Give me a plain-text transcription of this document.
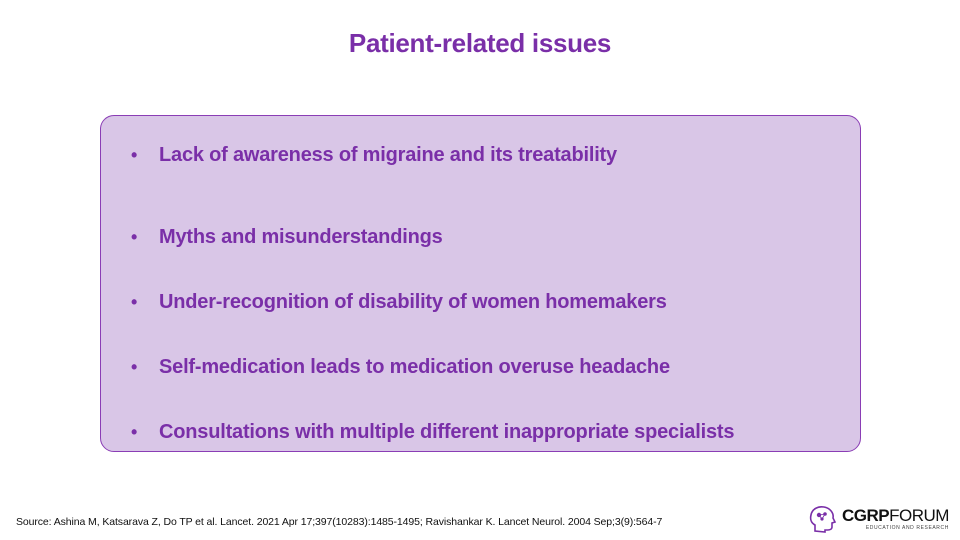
Patient-related issues
•	Lack of awareness of migraine and its treatability
•	Myths and misunderstandings
•	Under-recognition of disability of women homemakers
•	Self-medication leads to medication overuse headache
•	Consultations with multiple different inappropriate specialists
Source: Ashina M, Katsarava Z, Do TP et al. Lancet. 2021 Apr 17;397(10283):1485-1495; Ravishankar K. Lancet Neurol. 2004 Sep;3(9):564-7	CGRPFORUM
EDUCATION AND RESEARCH
